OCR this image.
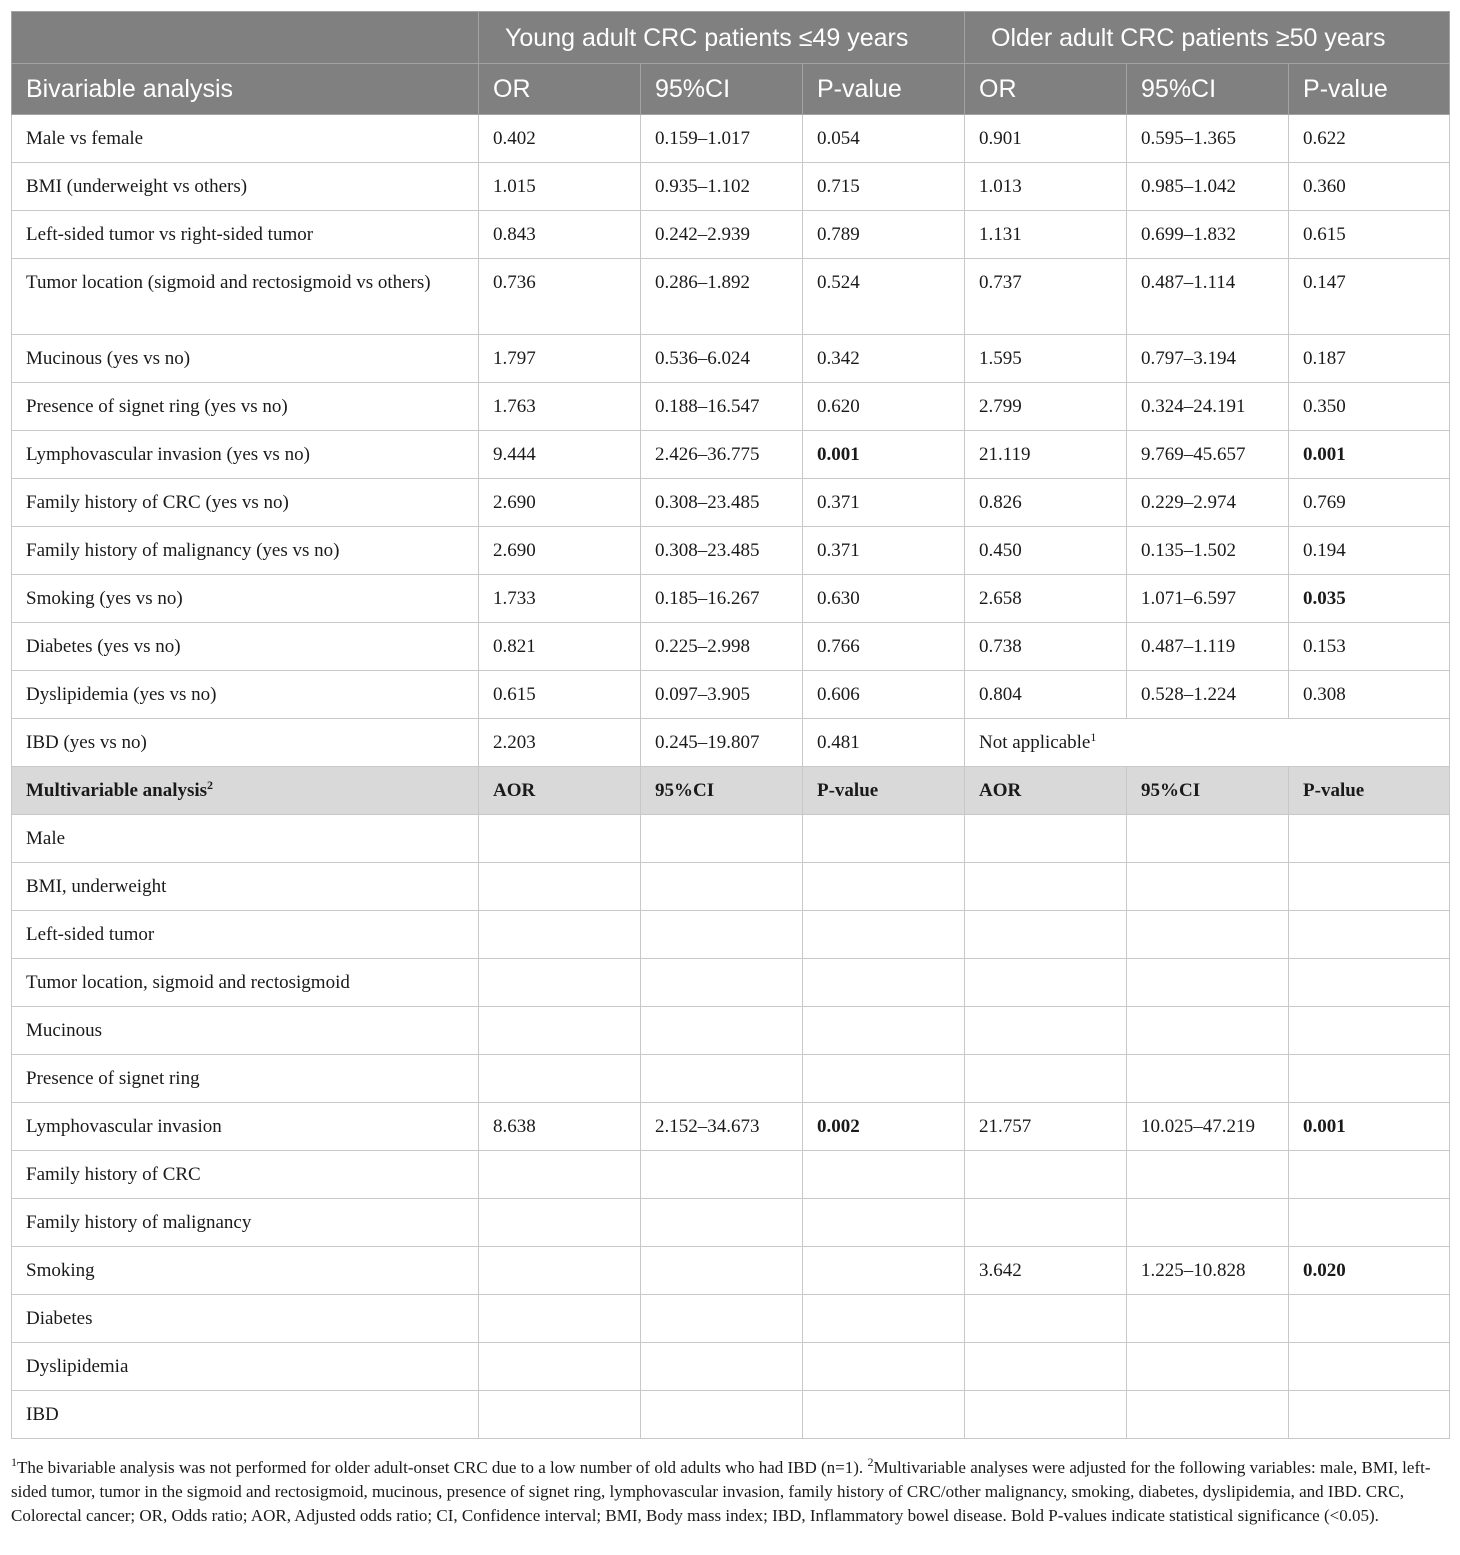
	Young adult CRC patients ≤49 years			Older adult CRC patients ≥50 years		
Bivariable analysis	OR	95%CI	P-value	OR	95%CI	P-value
Male vs female	0.402	0.159–1.017	0.054	0.901	0.595–1.365	0.622
BMI (underweight vs others)	1.015	0.935–1.102	0.715	1.013	0.985–1.042	0.360
Left-sided tumor vs right-sided tumor	0.843	0.242–2.939	0.789	1.131	0.699–1.832	0.615
Tumor location (sigmoid and rectosigmoid vs others)	0.736	0.286–1.892	0.524	0.737	0.487–1.114	0.147
Mucinous (yes vs no)	1.797	0.536–6.024	0.342	1.595	0.797–3.194	0.187
Presence of signet ring (yes vs no)	1.763	0.188–16.547	0.620	2.799	0.324–24.191	0.350
Lymphovascular invasion (yes vs no)	9.444	2.426–36.775	0.001	21.119	9.769–45.657	0.001
Family history of CRC (yes vs no)	2.690	0.308–23.485	0.371	0.826	0.229–2.974	0.769
Family history of malignancy (yes vs no)	2.690	0.308–23.485	0.371	0.450	0.135–1.502	0.194
Smoking (yes vs no)	1.733	0.185–16.267	0.630	2.658	1.071–6.597	0.035
Diabetes (yes vs no)	0.821	0.225–2.998	0.766	0.738	0.487–1.119	0.153
Dyslipidemia (yes vs no)	0.615	0.097–3.905	0.606	0.804	0.528–1.224	0.308
IBD (yes vs no)	2.203	0.245–19.807	0.481	Not applicable$^1$
Multivariable analysis$^2$	AOR	95%CI	P-value	AOR	95%CI	P-value
Male						
BMI, underweight						
Left-sided tumor						
Tumor location, sigmoid and rectosigmoid						
Mucinous						
Presence of signet ring						
Lymphovascular invasion	8.638	2.152–34.673	0.002	21.757	10.025–47.219	0.001
Family history of CRC						
Family history of malignancy						
Smoking				3.642	1.225–10.828	0.020
Diabetes						
Dyslipidemia						
IBD						
$^1$The bivariable analysis was not performed for older adult-onset CRC due to a low number of old adults who had IBD (n=1). $^2$Multivariable analyses were adjusted for the following variables: male, BMI, left-sided tumor, tumor in the sigmoid and rectosigmoid, mucinous, presence of signet ring, lymphovascular invasion, family history of CRC/other malignancy, smoking, diabetes, dyslipidemia, and IBD. CRC, Colorectal cancer; OR, Odds ratio; AOR, Adjusted odds ratio; CI, Confidence interval; BMI, Body mass index; IBD, Inflammatory bowel disease. Bold P-values indicate statistical significance (<0.05).
